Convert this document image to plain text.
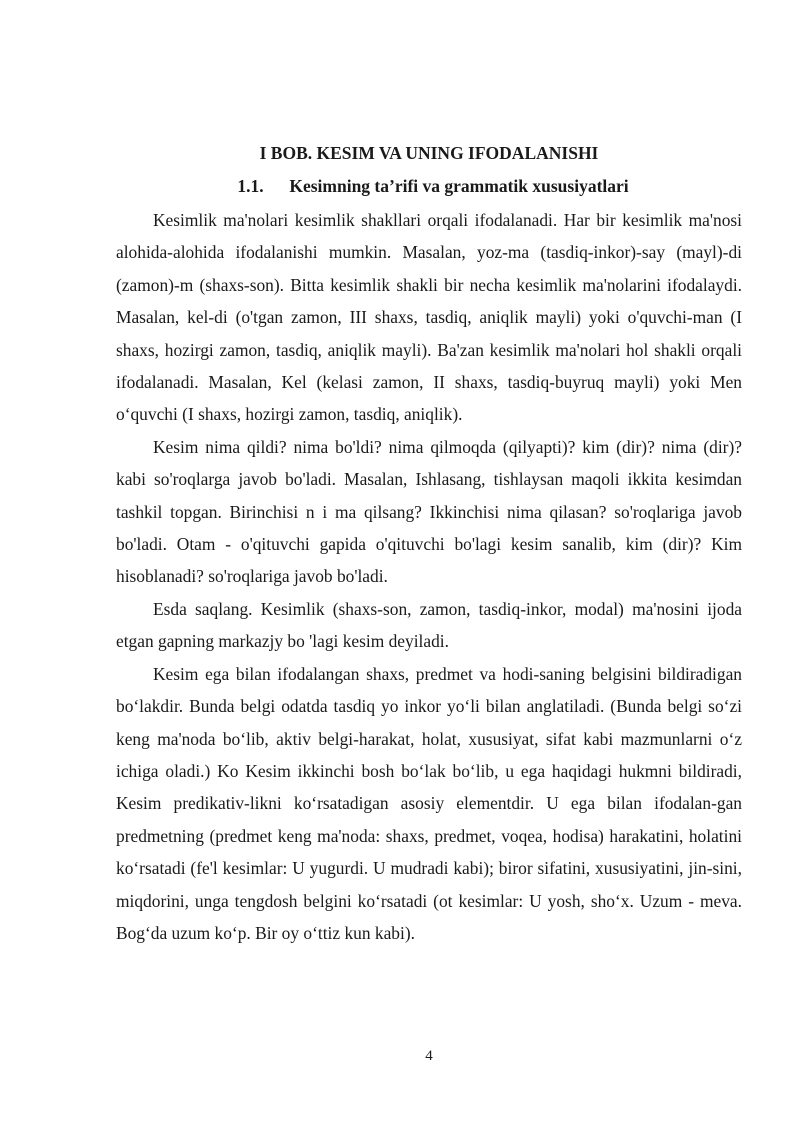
I BOB. KESIM VA UNING IFODALANISHI
1.1. Kesimning ta’rifi va grammatik xususiyatlari

Kesimlik ma'nolari kesimlik shakllari orqali ifodalanadi. Har bir kesimlik ma'nosi alohida-alohida ifodalanishi mumkin. Masalan, yoz-ma (tasdiq-inkor)-say (mayl)-di (zamon)-m (shaxs-son). Bitta kesimlik shakli bir necha kesimlik ma'nolarini ifodalaydi. Masalan, kel-di (o'tgan zamon, III shaxs, tasdiq, aniqlik mayli) yoki o'quvchi-man (I shaxs, hozirgi zamon, tasdiq, aniqlik mayli). Ba'zan kesimlik ma'nolari hol shakli orqali ifodalanadi. Masalan, Kel (kelasi zamon, II shaxs, tasdiq-buyruq mayli) yoki Men o‘quvchi (I shaxs, hozirgi zamon, tasdiq, aniqlik).

Kesim nima qildi? nima bo'ldi? nima qilmoqda (qilyapti)? kim (dir)? nima (dir)? kabi so'roqlarga javob bo'ladi. Masalan, Ishlasang, tishlaysan maqoli ikkita kesimdan tashkil topgan. Birinchisi n i ma qilsang? Ikkinchisi nima qilasan? so'roqlariga javob bo'ladi. Otam - o'qituvchi gapida o'qituvchi bo'lagi kesim sanalib, kim (dir)? Kim hisoblanadi? so'roqlariga javob bo'ladi.

Esda saqlang. Kesimlik (shaxs-son, zamon, tasdiq-inkor, modal) ma'nosini ijoda etgan gapning markazjy bo 'lagi kesim deyiladi.

Kesim ega bilan ifodalangan shaxs, predmet va hodi-saning belgisini bildiradigan bo‘lakdir. Bunda belgi odatda tasdiq yo inkor yo‘li bilan anglatiladi. (Bunda belgi so‘zi keng ma'noda bo‘lib, aktiv belgi-harakat, holat, xususiyat, sifat kabi mazmunlarni o‘z ichiga oladi.) Ko Kesim ikkinchi bosh bo‘lak bo‘lib, u ega haqidagi hukmni bildiradi, Kesim predikativ-likni ko‘rsatadigan asosiy elementdir. U ega bilan ifodalan-gan predmetning (predmet keng ma'noda: shaxs, predmet, voqea, hodisa) harakatini, holatini ko‘rsatadi (fe'l kesimlar: U yugurdi. U mudradi kabi); biror sifatini, xususiyatini, jin-sini, miqdorini, unga tengdosh belgini ko‘rsatadi (ot kesimlar: U yosh, sho‘x. Uzum - meva. Bog‘da uzum ko‘p. Bir oy o‘ttiz kun kabi).

4
